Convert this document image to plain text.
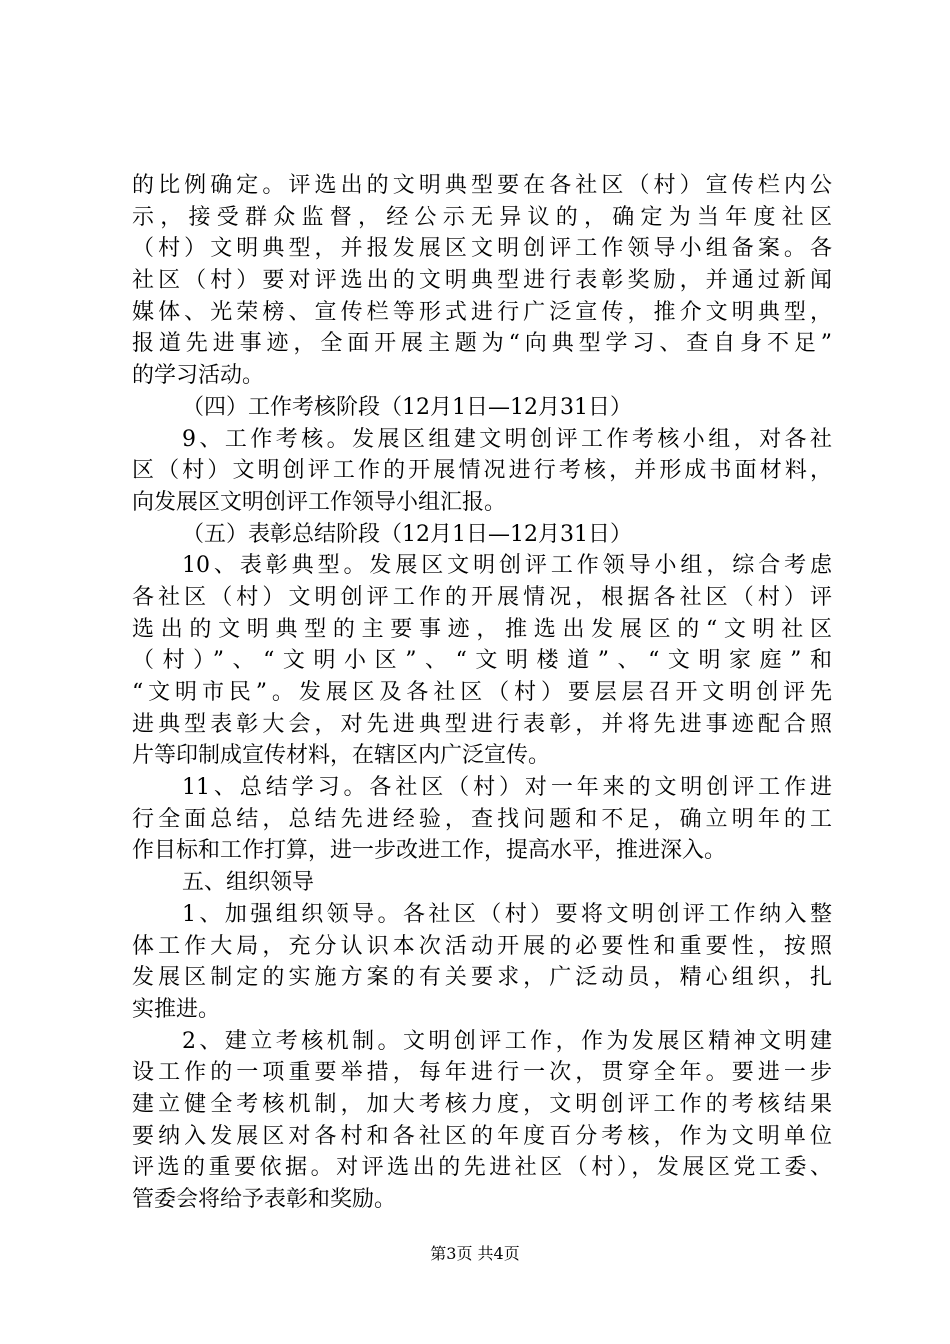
的比例确定。评选出的文明典型要在各社区（村）宣传栏内公
示，接受群众监督，经公示无异议的，确定为当年度社区
（村）文明典型，并报发展区文明创评工作领导小组备案。各
社区（村）要对评选出的文明典型进行表彰奖励，并通过新闻
媒体、光荣榜、宣传栏等形式进行广泛宣传，推介文明典型，
报道先进事迹，全面开展主题为“向典型学习、查自身不足”
的学习活动。
（四）工作考核阶段（12月1日—12月31日）
9、工作考核。发展区组建文明创评工作考核小组，对各社
区（村）文明创评工作的开展情况进行考核，并形成书面材料，
向发展区文明创评工作领导小组汇报。
（五）表彰总结阶段（12月1日—12月31日）
10、表彰典型。发展区文明创评工作领导小组，综合考虑
各社区（村）文明创评工作的开展情况，根据各社区（村）评
选出的文明典型的主要事迹，推选出发展区的“文明社区
（村）”、“文明小区”、“文明楼道”、“文明家庭”和
“文明市民”。发展区及各社区（村）要层层召开文明创评先
进典型表彰大会，对先进典型进行表彰，并将先进事迹配合照
片等印制成宣传材料，在辖区内广泛宣传。
11、总结学习。各社区（村）对一年来的文明创评工作进
行全面总结，总结先进经验，查找问题和不足，确立明年的工
作目标和工作打算，进一步改进工作，提高水平，推进深入。
五、组织领导
1、加强组织领导。各社区（村）要将文明创评工作纳入整
体工作大局，充分认识本次活动开展的必要性和重要性，按照
发展区制定的实施方案的有关要求，广泛动员，精心组织，扎
实推进。
2、建立考核机制。文明创评工作，作为发展区精神文明建
设工作的一项重要举措，每年进行一次，贯穿全年。要进一步
建立健全考核机制，加大考核力度，文明创评工作的考核结果
要纳入发展区对各村和各社区的年度百分考核，作为文明单位
评选的重要依据。对评选出的先进社区（村），发展区党工委、
管委会将给予表彰和奖励。
第3页 共4页
